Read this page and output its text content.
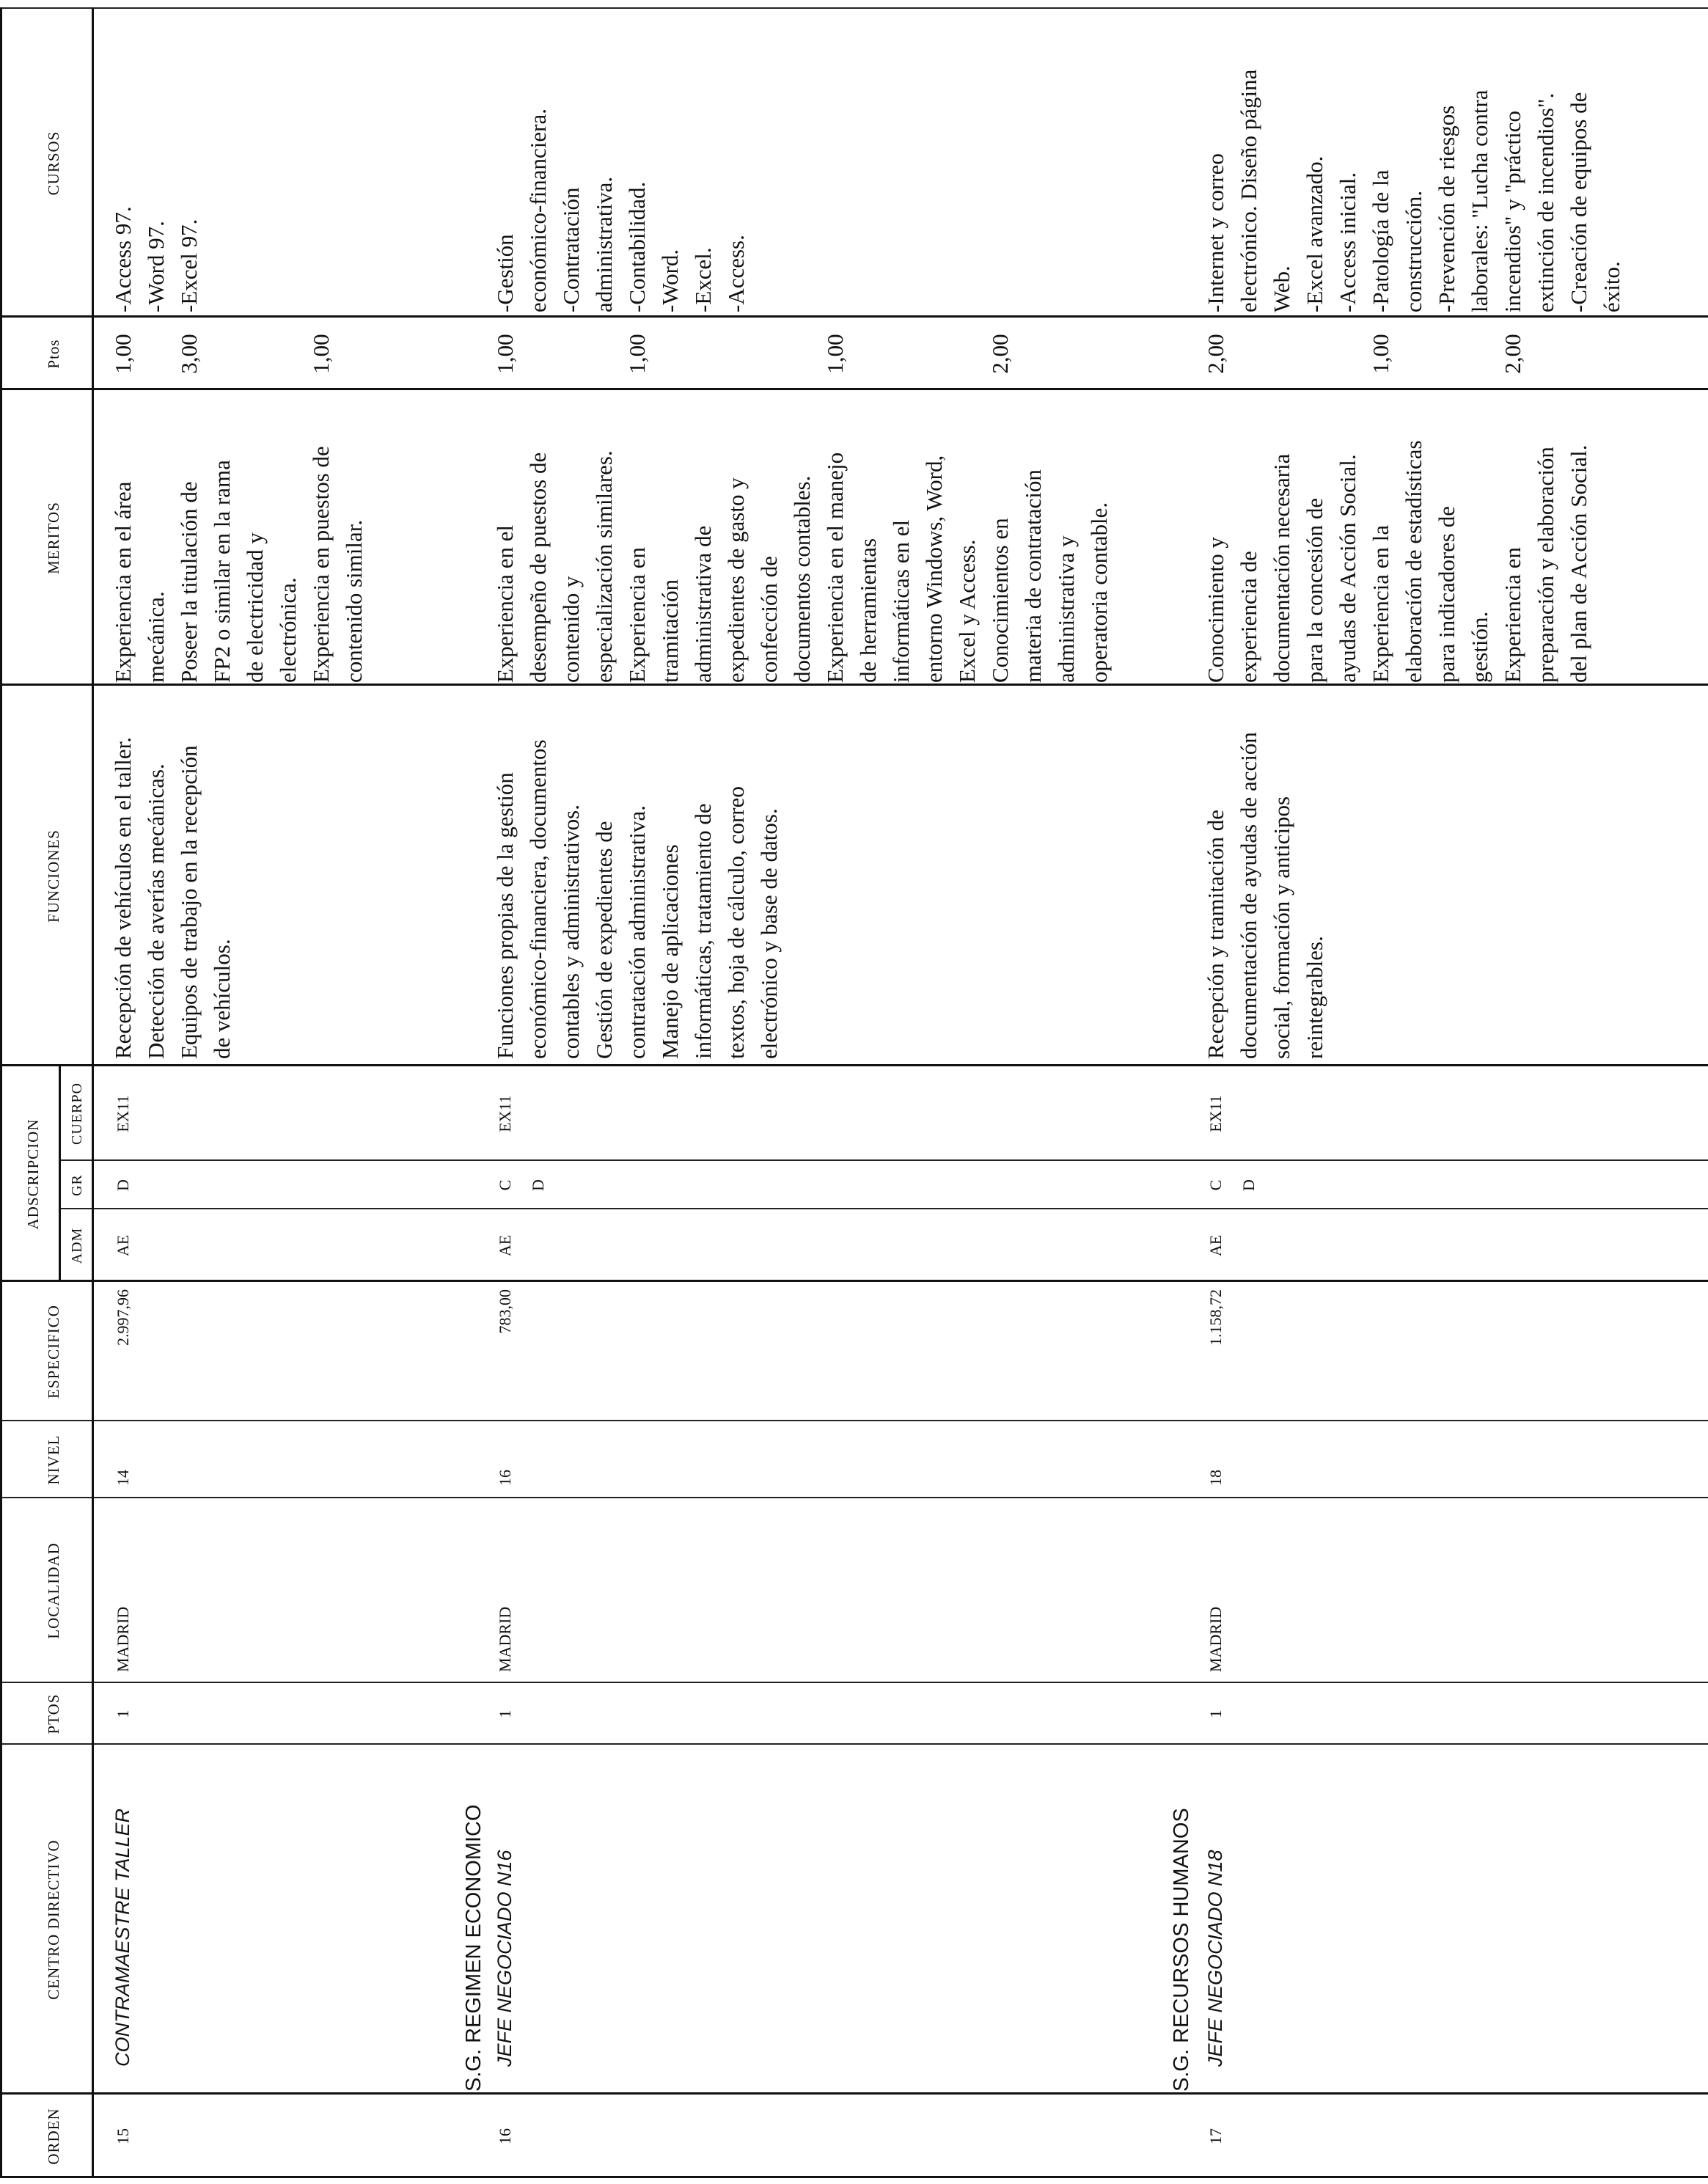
ORDEN
CENTRO DIRECTIVO
PTOS
LOCALIDAD
NIVEL
ESPECIFICO
ADSCRIPCION
ADM
GR
CUERPO
FUNCIONES
MERITOS
Ptos
CURSOS
S.G. REGIMEN ECONOMICO	S.G. RECURSOS HUMANOS
15
CONTRAMAESTRE TALLER
1
MADRID
14
2.997,96
AE
EX11
D
Recepción de vehículos en el taller. Detección de averías mecánicas. Equipos de trabajo en la recepción de vehículos.
-Access 97. -Word 97. -Excel 97.
Experiencia en el área mecánica.
1,00
Poseer la titulación de FP2 o similar en la rama de electricidad y electrónica.
3,00
Experiencia en puestos de contenido similar.
1,00
16
JEFE NEGOCIADO N16
1
MADRID
16
783,00
AE
EX11
C D
Funciones propias de la gestión económico-financiera, documentos contables y administrativos. Gestión de expedientes de contratación administrativa. Manejo de aplicaciones informáticas, tratamiento de textos, hoja de cálculo, correo electrónico y base de datos.
-Gestión económico-financiera. -Contratación administrativa. -Contabilidad. -Word. -Excel. -Access.
Experiencia en el desempeño de puestos de contenido y especialización similares.
1,00
Experiencia en tramitación administrativa de expedientes de gasto y confección de documentos contables.
1,00
Experiencia en el manejo de herramientas informáticas en el entorno Windows, Word, Excel y Access.
1,00
Conocimientos en materia de contratación administrativa y operatoria contable.
2,00
17
JEFE NEGOCIADO N18
1
MADRID
18
1.158,72
AE
EX11
C D
Recepción y tramitación de documentación de ayudas de acción social, formación y anticipos reintegrables.
-Internet y correo electrónico. Diseño página Web. -Excel avanzado. -Access inicial. -Patología de la construcción. -Prevención de riesgos laborales: "Lucha contra incendios" y "práctico extinción de incendios". -Creación de equipos de éxito.
Conocimiento y experiencia de documentación necesaria para la concesión de ayudas de Acción Social.
2,00
Experiencia en la elaboración de estadísticas para indicadores de gestión.
1,00
Experiencia en preparación y elaboración del plan de Acción Social.
2,00
